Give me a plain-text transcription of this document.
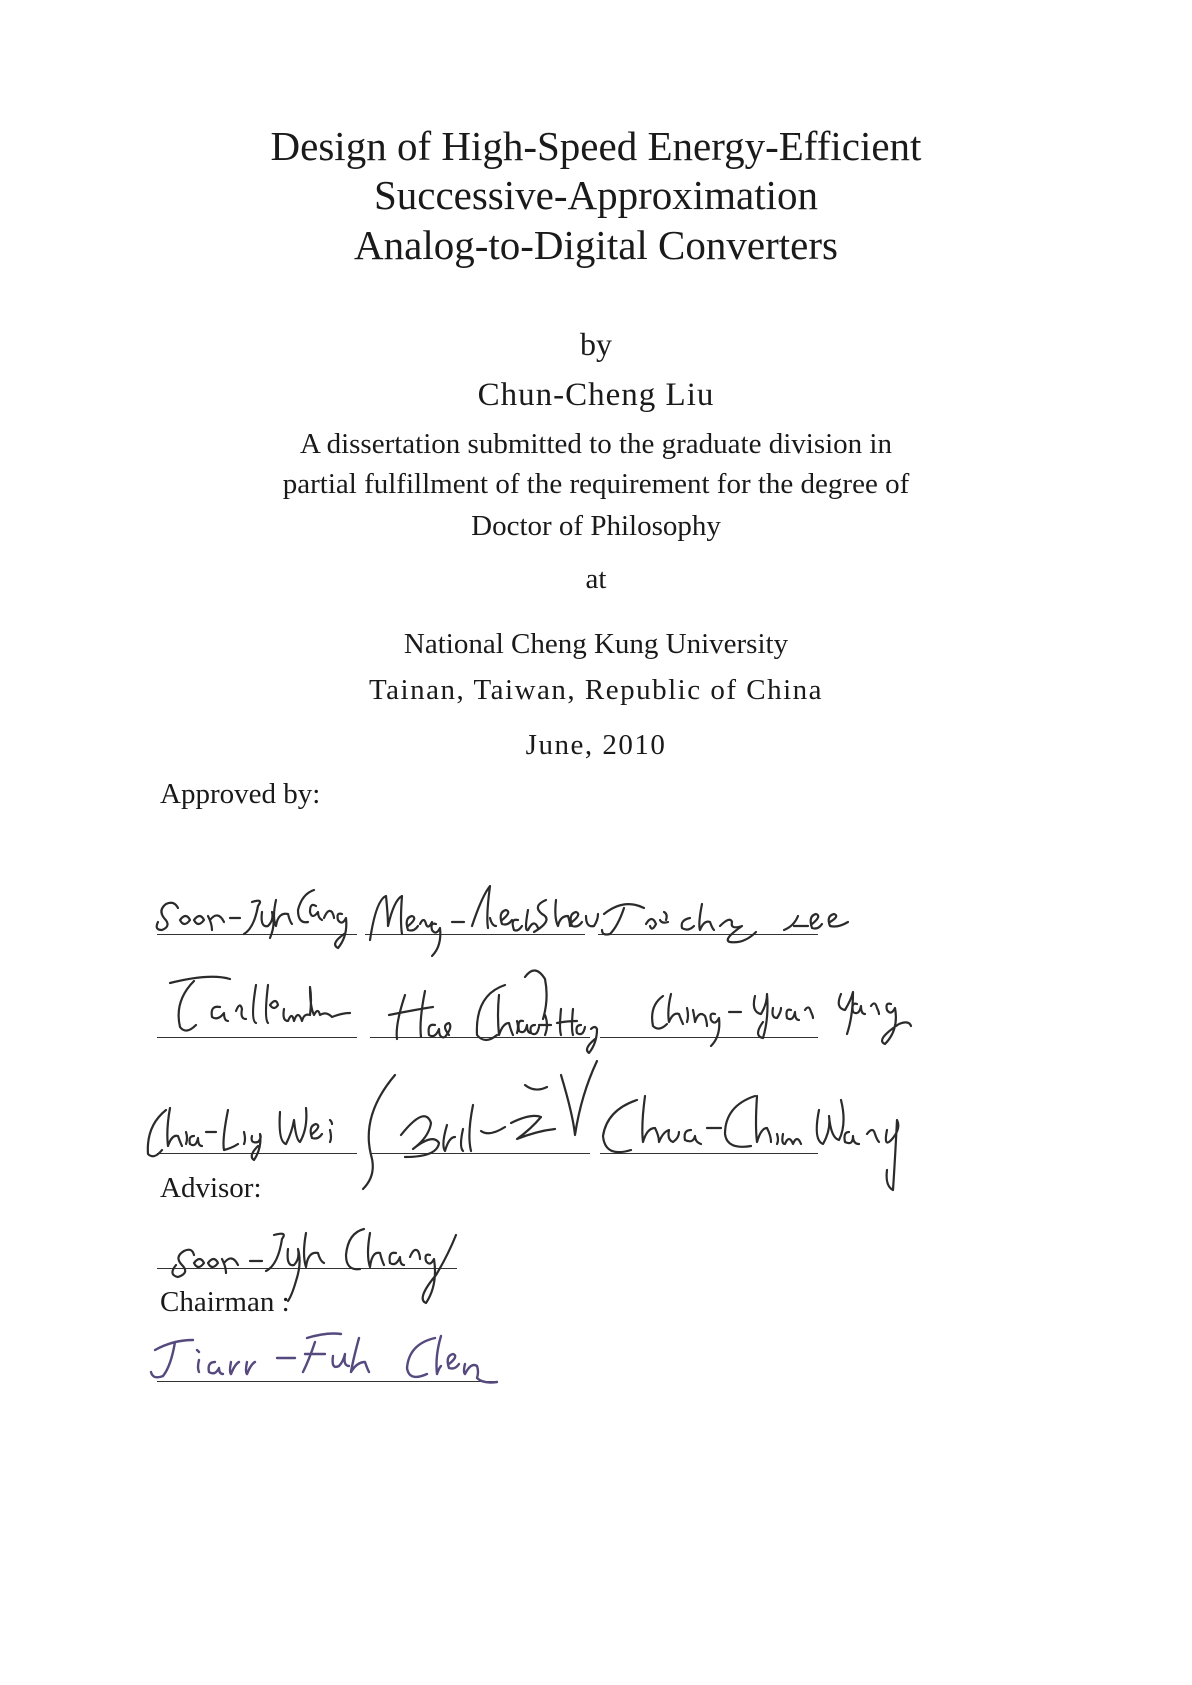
Design of High-Speed Energy-Efficient
Successive-Approximation
Analog-to-Digital Converters
by
Chun-Cheng Liu
A dissertation submitted to the graduate division in
partial fulfillment of the requirement for the degree of
Doctor of Philosophy
at
National Cheng Kung University
Tainan, Taiwan, Republic of China
June, 2010
Approved by:
Advisor:
Chairman :
